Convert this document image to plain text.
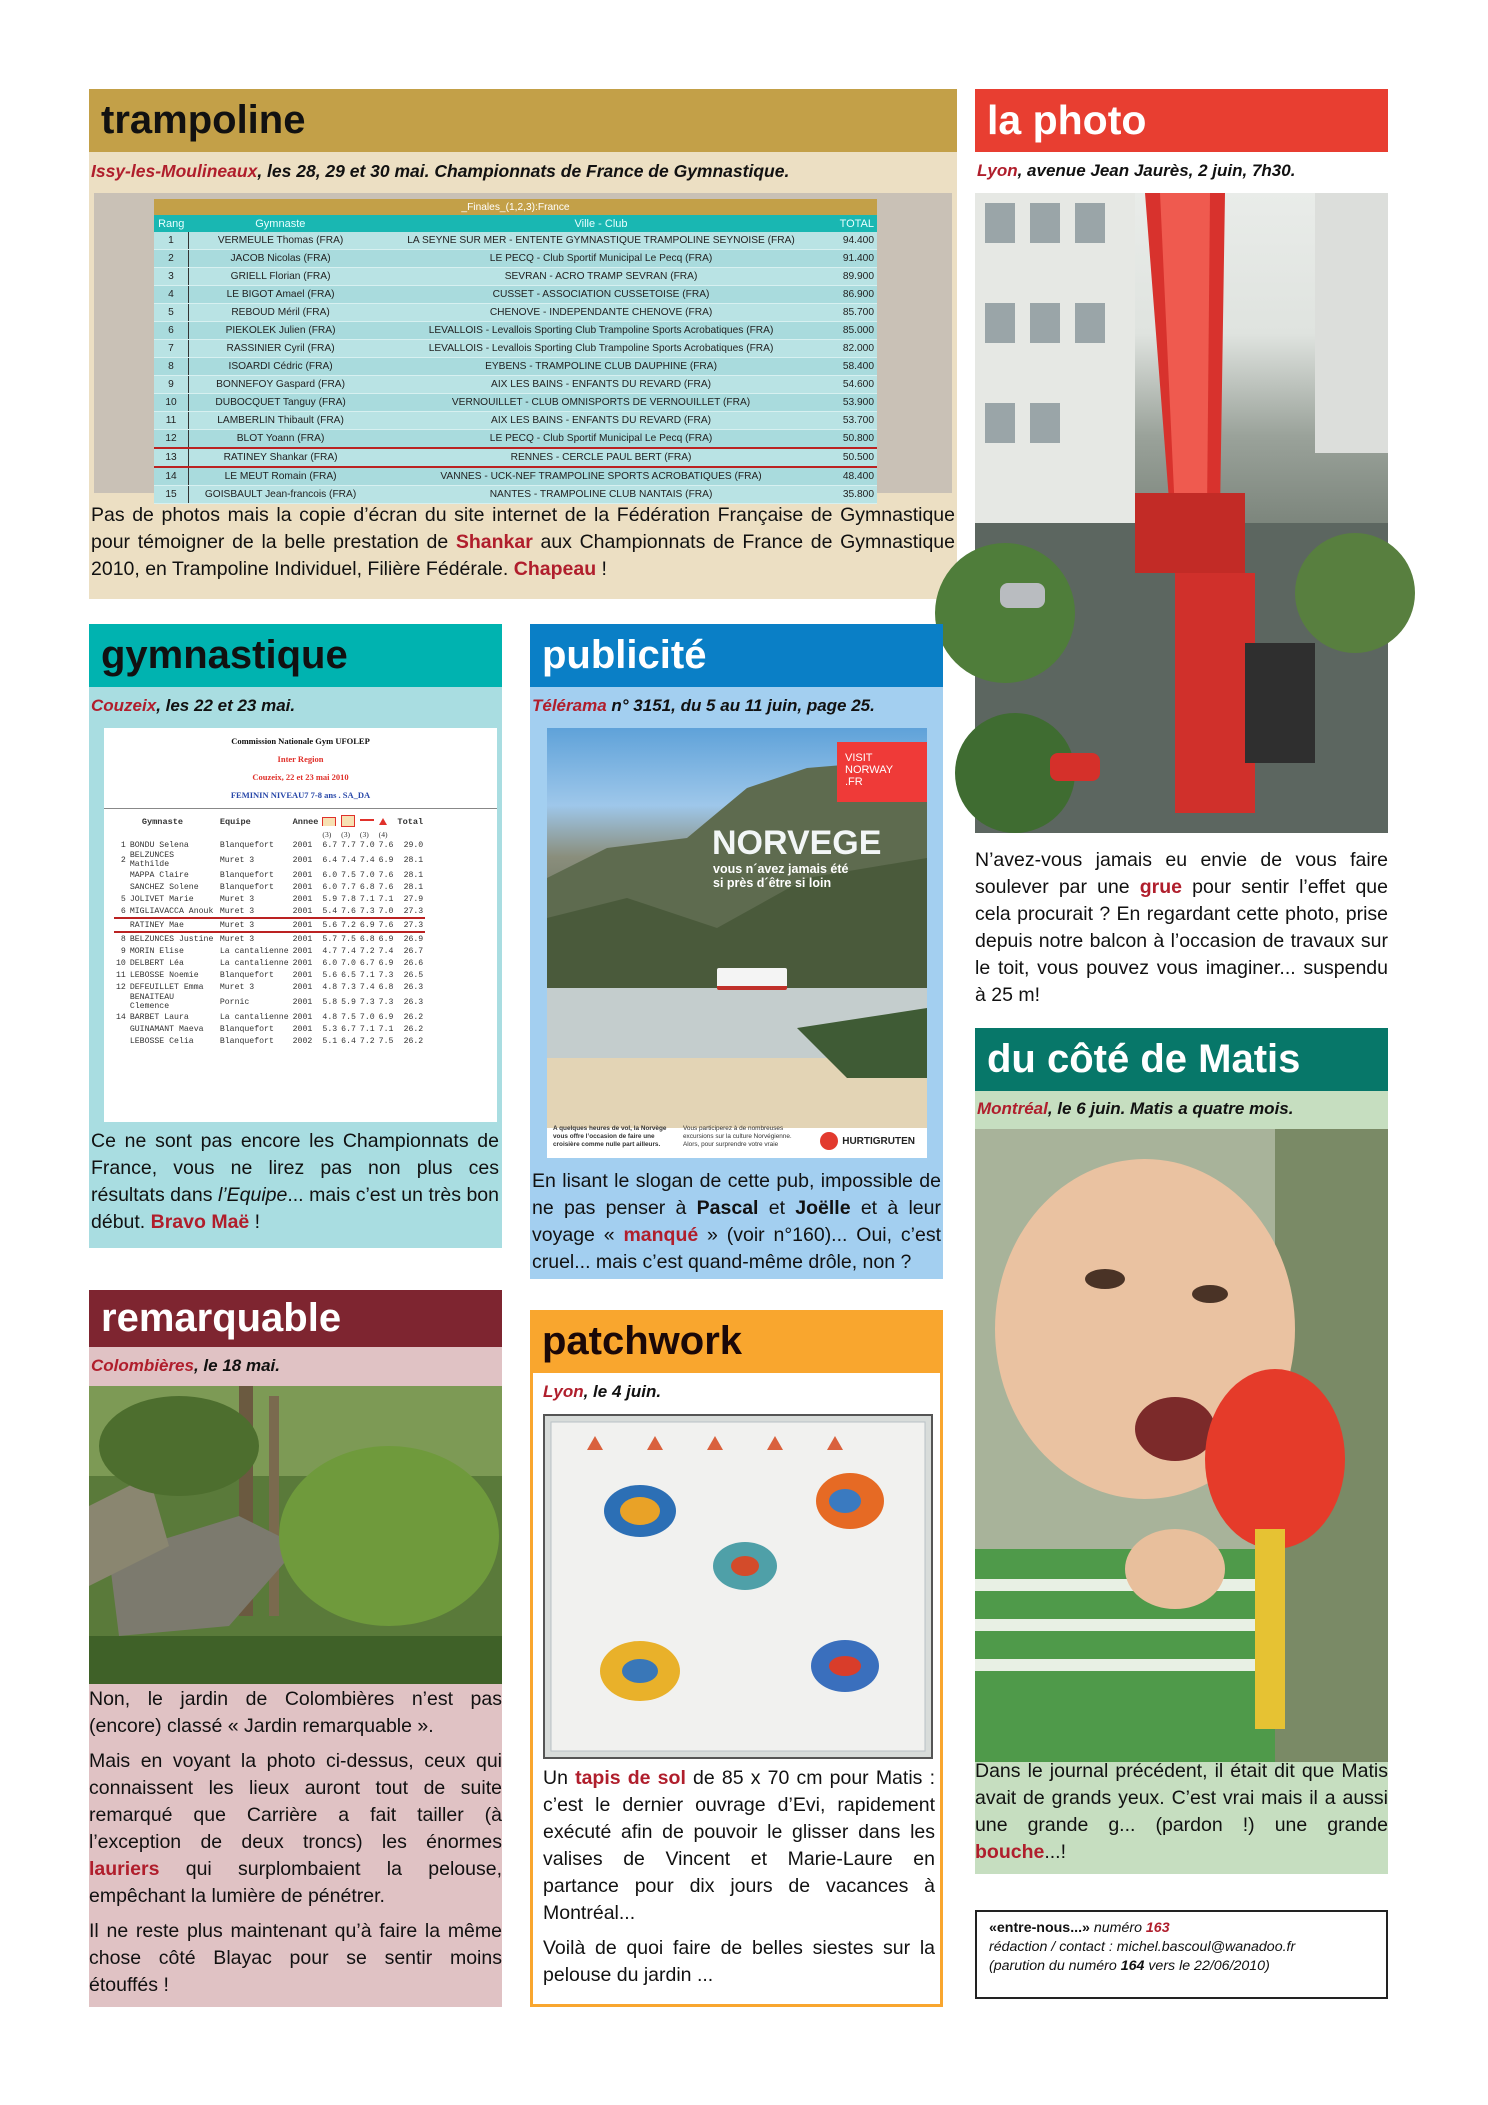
trampoline
Issy-les-Moulineaux, les 28, 29 et 30 mai. Championnats de France de Gymnastique.
_Finales_(1,2,3):France			
Rang	Gymnaste	Ville - Club	TOTAL
1	VERMEULE Thomas (FRA)	LA SEYNE SUR MER - ENTENTE GYMNASTIQUE TRAMPOLINE SEYNOISE (FRA)	94.400
2	JACOB Nicolas (FRA)	LE PECQ - Club Sportif Municipal Le Pecq (FRA)	91.400
3	GRIELL Florian (FRA)	SEVRAN - ACRO TRAMP SEVRAN (FRA)	89.900
4	LE BIGOT Amael (FRA)	CUSSET - ASSOCIATION CUSSETOISE (FRA)	86.900
5	REBOUD Méril (FRA)	CHENOVE - INDEPENDANTE CHENOVE (FRA)	85.700
6	PIEKOLEK Julien (FRA)	LEVALLOIS - Levallois Sporting Club Trampoline Sports Acrobatiques (FRA)	85.000
7	RASSINIER Cyril (FRA)	LEVALLOIS - Levallois Sporting Club Trampoline Sports Acrobatiques (FRA)	82.000
8	ISOARDI Cédric (FRA)	EYBENS - TRAMPOLINE CLUB DAUPHINE (FRA)	58.400
9	BONNEFOY Gaspard (FRA)	AIX LES BAINS - ENFANTS DU REVARD (FRA)	54.600
10	DUBOCQUET Tanguy (FRA)	VERNOUILLET - CLUB OMNISPORTS DE VERNOUILLET (FRA)	53.900
11	LAMBERLIN Thibault (FRA)	AIX LES BAINS - ENFANTS DU REVARD (FRA)	53.700
12	BLOT Yoann (FRA)	LE PECQ - Club Sportif Municipal Le Pecq (FRA)	50.800
13	RATINEY Shankar (FRA)	RENNES - CERCLE PAUL BERT (FRA)	50.500
14	LE MEUT Romain (FRA)	VANNES - UCK-NEF TRAMPOLINE SPORTS ACROBATIQUES (FRA)	48.400
15	GOISBAULT Jean-francois (FRA)	NANTES - TRAMPOLINE CLUB NANTAIS (FRA)	35.800
Pas de photos mais la copie d’écran du site internet de la Fédération Française de Gymnastique pour témoigner de la belle prestation de Shankar aux Championnats de France de Gymnastique 2010, en Trampoline Individuel, Filière Fédérale. Chapeau !
la photo
Lyon, avenue Jean Jaurès, 2 juin, 7h30.
N’avez-vous jamais eu envie de vous faire soulever par une grue pour sentir l’effet que cela procurait ? En regardant cette photo, prise depuis notre balcon à l’occasion de travaux sur le toit, vous pouvez vous imaginer... suspendu à 25 m!
gymnastique
Couzeix, les 22 et 23 mai.
Commission Nationale Gym UFOLEP
Inter Region
Couzeix, 22 et 23 mai 2010
FEMININ NIVEAU7 7-8 ans . SA_DA
	Gymnaste	Equipe	Annee					Total
				(3)	(3)	(3)	(4)	
1	BONDU Selena	Blanquefort	2001	6.7	7.7	7.0	7.6	29.0
2	BELZUNCES Mathilde	Muret 3	2001	6.4	7.4	7.4	6.9	28.1
	MAPPA Claire	Blanquefort	2001	6.0	7.5	7.0	7.6	28.1
	SANCHEZ Solene	Blanquefort	2001	6.0	7.7	6.8	7.6	28.1
5	JOLIVET Marie	Muret 3	2001	5.9	7.8	7.1	7.1	27.9
6	MIGLIAVACCA Anouk	Muret 3	2001	5.4	7.6	7.3	7.0	27.3
	RATINEY Mae	Muret 3	2001	5.6	7.2	6.9	7.6	27.3
8	BELZUNCES Justine	Muret 3	2001	5.7	7.5	6.8	6.9	26.9
9	MORIN Elise	La cantalienne	2001	4.7	7.4	7.2	7.4	26.7
10	DELBERT Léa	La cantalienne	2001	6.0	7.0	6.7	6.9	26.6
11	LEBOSSE Noemie	Blanquefort	2001	5.6	6.5	7.1	7.3	26.5
12	DEFEUILLET Emma	Muret 3	2001	4.8	7.3	7.4	6.8	26.3
	BENAITEAU Clemence	Pornic	2001	5.8	5.9	7.3	7.3	26.3
14	BARBET Laura	La cantalienne	2001	4.8	7.5	7.0	6.9	26.2
	GUINAMANT Maeva	Blanquefort	2001	5.3	6.7	7.1	7.1	26.2
	LEBOSSE Celia	Blanquefort	2002	5.1	6.4	7.2	7.5	26.2
Ce ne sont pas encore les Championnats de France, vous ne lirez pas non plus ces résultats dans l’Equipe... mais c’est un très bon début. Bravo Maë !
publicité
Télérama n° 3151, du 5 au 11 juin, page 25.
VISIT
NORWAY
.FR
NORVEGE
vous n´avez jamais été
si près d´être si loin
A quelques heures de vol, la Norvège vous offre l’occasion de faire une croisière comme nulle part ailleurs.
Vous participerez à de nombreuses excursions sur la culture Norvégienne. Alors, pour surprendre votre vraie	HURTIGRUTEN
En lisant le slogan de cette pub, impossible de ne pas penser à Pascal et Joëlle et à leur voyage « manqué » (voir n°160)... Oui, c’est cruel... mais c’est quand-même drôle, non ?
remarquable
Colombières, le 18 mai.

Non, le jardin de Colombières n’est pas (encore) classé « Jardin remarquable ».

Mais en voyant la photo ci-dessus, ceux qui connaissent les lieux auront tout de suite remarqué que Carrière a fait tailler (à l’exception de deux troncs) les énormes lauriers qui surplombaient la pelouse, empêchant la lumière de pénétrer.

Il ne reste plus maintenant qu’à faire la même chose côté Blayac pour se sentir moins étouffés !

patchwork
Lyon, le 4 juin.

Un tapis de sol de 85 x 70 cm pour Matis : c’est le dernier ouvrage d’Evi, rapidement exécuté afin de pouvoir le glisser dans les valises de Vincent et Marie-Laure en partance pour dix jours de vacances à Montréal...

Voilà de quoi faire de belles siestes sur la pelouse du jardin ...

du côté de Matis
Montréal, le 6 juin. Matis a quatre mois.
Dans le journal précédent, il était dit que Matis avait de grands yeux. C’est vrai mais il a aussi une grande g... (pardon !) une grande bouche...!
«entre-nous...» numéro 163
rédaction / contact : michel.bascoul@wanadoo.fr
(parution du numéro 164 vers le 22/06/2010)
